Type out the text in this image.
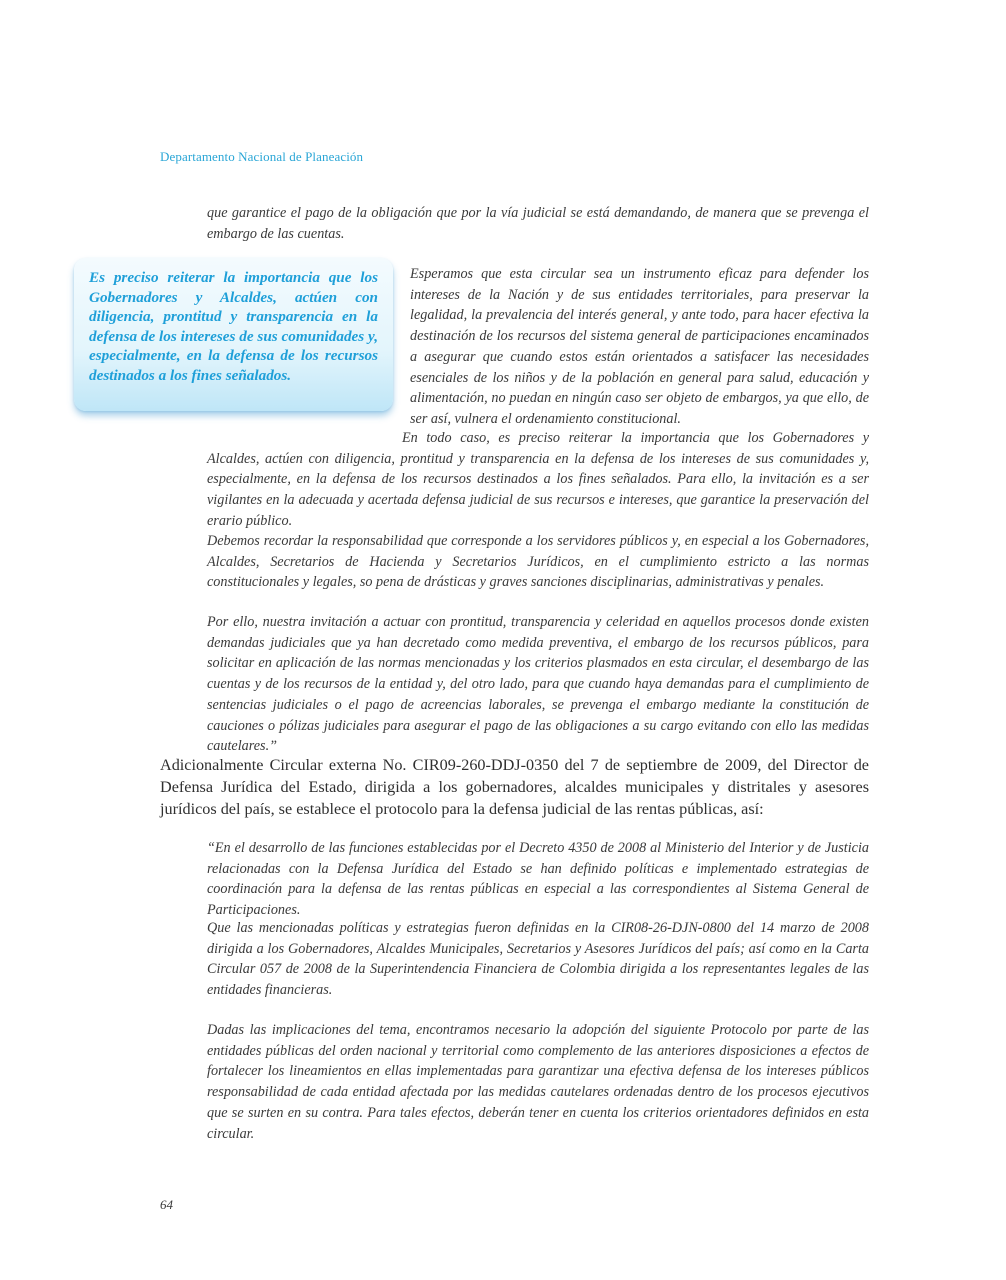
Departamento Nacional de Planeación

que garantice el pago de la obligación que por la vía judicial se está demandando, de manera que se prevenga el embargo de las cuentas.

Es preciso reiterar la importancia que los Gobernadores y Alcaldes, actúen con diligencia, prontitud y transparencia en la defensa de los intereses de sus comunidades y, especialmente, en la defensa de los recursos destinados a los fines señalados.

Esperamos que esta circular sea un instrumento eficaz para defender los intereses de la Nación y de sus entidades territoriales, para preservar la legalidad, la prevalencia del interés general, y ante todo, para hacer efectiva la destinación de los recursos del sistema general de participaciones encaminados a asegurar que cuando estos están orientados a satisfacer las necesidades esenciales de los niños y de la población en general para salud, educación y alimentación, no puedan en ningún caso ser objeto de embargos, ya que ello, de ser así, vulnera el ordenamiento constitucional.

En todo caso, es preciso reiterar la importancia que los Gobernadores y Alcaldes, actúen con diligencia, prontitud y transparencia en la defensa de los intereses de sus comunidades y, especialmente, en la defensa de los recursos destinados a los fines señalados. Para ello, la invitación es a ser vigilantes en la adecuada y acertada defensa judicial de sus recursos e intereses, que garantice la preservación del erario público.

Debemos recordar la responsabilidad que corresponde a los servidores públicos y, en especial a los Gobernadores, Alcaldes, Secretarios de Hacienda y Secretarios Jurídicos, en el cumplimiento estricto a las normas constitucionales y legales, so pena de drásticas y graves sanciones disciplinarias, administrativas y penales.

Por ello, nuestra invitación a actuar con prontitud, transparencia y celeridad en aquellos procesos donde existen demandas judiciales que ya han decretado como medida preventiva, el embargo de los recursos públicos, para solicitar en aplicación de las normas mencionadas y los criterios plasmados en esta circular, el desembargo de las cuentas y de los recursos de la entidad y, del otro lado, para que cuando haya demandas para el cumplimiento de sentencias judiciales o el pago de acreencias laborales, se prevenga el embargo mediante la constitución de cauciones o pólizas judiciales para asegurar el pago de las obligaciones a su cargo evitando con ello las medidas cautelares.”

Adicionalmente Circular externa No. CIR09-260-DDJ-0350 del 7 de septiembre de 2009, del Director de Defensa Jurídica del Estado, dirigida a los gobernadores, alcaldes municipales y distritales y asesores jurídicos del país, se establece el protocolo para la defensa judicial de las rentas públicas, así:

“En el desarrollo de las funciones establecidas por el Decreto 4350 de 2008 al Ministerio del Interior y de Justicia relacionadas con la Defensa Jurídica del Estado se han definido políticas e implementado estrategias de coordinación para la defensa de las rentas públicas en especial a las correspondientes al Sistema General de Participaciones.

Que las mencionadas políticas y estrategias fueron definidas en la CIR08-26-DJN-0800 del 14 marzo de 2008 dirigida a los Gobernadores, Alcaldes Municipales, Secretarios y Asesores Jurídicos del país; así como en la Carta Circular 057 de 2008 de la Superintendencia Financiera de Colombia dirigida a los representantes legales de las entidades financieras.

Dadas las implicaciones del tema, encontramos necesario la adopción del siguiente Protocolo por parte de las entidades públicas del orden nacional y territorial como complemento de las anteriores disposiciones a efectos de fortalecer los lineamientos en ellas implementadas para garantizar una efectiva defensa de los intereses públicos responsabilidad de cada entidad afectada por las medidas cautelares ordenadas dentro de los procesos ejecutivos que se surten en su contra. Para tales efectos, deberán tener en cuenta los criterios orientadores definidos en esta circular.

64
